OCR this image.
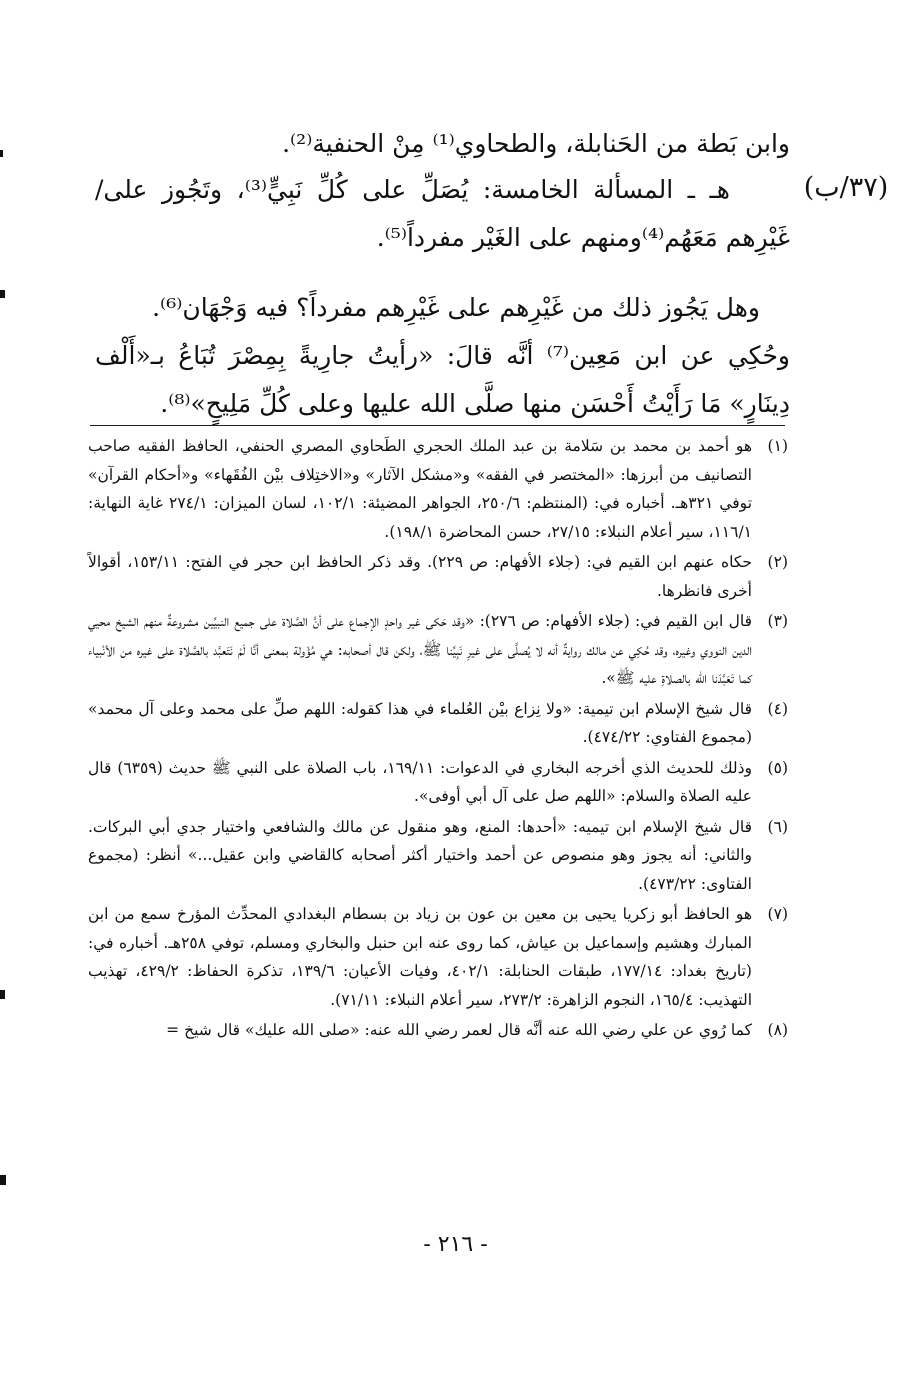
(٣٧/ب)

وابن بَطة من الحَنابلة، والطحاوي⁽¹⁾ مِنْ الحنفية⁽²⁾.

هـ ـ المسألة الخامسة: يُصَلِّ على كُلِّ نَبِيٍّ⁽³⁾، وتَجُوز على/ غَيْرِهم مَعَهُم⁽⁴⁾ومنهم على الغَيْر مفرداً⁽⁵⁾.

وهل يَجُوز ذلك من غَيْرِهم على غَيْرِهم مفرداً؟ فيه وَجْهَان⁽⁶⁾.

وحُكِي عن ابن مَعِين⁽⁷⁾ أنَّه قالَ: «رأيتُ جارِيةً بِمِصْرَ تُبَاعُ بـ«أَلْف دِينَارٍ» مَا رَأَيْتُ أَحْسَن منها صلَّى الله عليها وعلى كُلِّ مَلِيحٍ»⁽⁸⁾.

(١)
هو أحمد بن محمد بن سَلامة بن عبد الملك الحجري الطَحاوي المصري الحنفي، الحافظ الفقيه صاحب التصانيف من أبرزها: «المختصر في الفقه» و«مشكل الآثار» و«الاختِلاف بيْن الفُقَهاء» و«أحكام القرآن» توفي ٣٢١هـ. أخباره في: (المنتظم: ٢٥٠/٦، الجواهر المضيئة: ١٠٢/١، لسان الميزان: ٢٧٤/١ غاية النهاية: ١١٦/١، سير أعلام النبلاء: ٢٧/١٥، حسن المحاضرة ١٩٨/١).
(٢)
حكاه عنهم ابن القيم في: (جلاء الأفهام: ص ٢٢٩). وقد ذكر الحافظ ابن حجر في الفتح: ١٥٣/١١، أقوالاً أخرى فانظرها.
(٣)
قال ابن القيم في: (جلاء الأفهام: ص ٢٧٦): «وقد حَكى غير واحدٍ الإجماع على أنَّ الصَّلاة على جميع النبيِّين مشروعةٌ منهم الشيخ محيي الدين النووي وغيره، وقد حُكِي عن مالك روايةٌ أنه لا يُصلَّى على غيرِ نَبِيِّنا ﷺ، ولكن قال أصحابه: هي مُؤَولة بمعنى أنَّا لَمْ نَتَعبَّد بالصَّلاة على غيره من الأنْبياء كما تَعَبَّدَنا الله بالصلاةِ عليه ﷺ».
(٤)
قال شيخ الإسلام ابن تيمية: «ولا نِزاع بيْن العُلماء في هذا كقوله: اللهم صلِّ على محمد وعلى آل محمد» (مجموع الفتاوي: ٤٧٤/٢٢).
(٥)
وذلك للحديث الذي أخرجه البخاري في الدعوات: ١٦٩/١١، باب الصلاة على النبي ﷺ حديث (٦٣٥٩) قال عليه الصلاة والسلام: «اللهم صل على آل أبي أوفى».
(٦)
قال شيخ الإسلام ابن تيميه: «أحدها: المنع، وهو منقول عن مالك والشافعي واختيار جدي أبي البركات. والثاني: أنه يجوز وهو منصوص عن أحمد واختيار أكثر أصحابه كالقاضي وابن عقيل...» أنظر: (مجموع الفتاوى: ٤٧٣/٢٢).
(٧)
هو الحافظ أبو زكريا يحيى بن معين بن عون بن زياد بن بسطام البغدادي المحدِّث المؤرخ سمع من ابن المبارك وهشيم وإسماعيل بن عياش، كما روى عنه ابن حنبل والبخاري ومسلم، توفي ٢٥٨هـ. أخباره في: (تاريخ بغداد: ١٧٧/١٤، طبقات الحنابلة: ٤٠٢/١، وفيات الأعيان: ١٣٩/٦، تذكرة الحفاظ: ٤٢٩/٢، تهذيب التهذيب: ١٦٥/٤، النجوم الزاهرة: ٢٧٣/٢، سير أعلام النبلاء: ٧١/١١).
(٨)
كما رُوي عن علي رضي الله عنه أنَّه قال لعمر رضي الله عنه: «صلى الله عليك» قال شيخ =
- ٢١٦ -
